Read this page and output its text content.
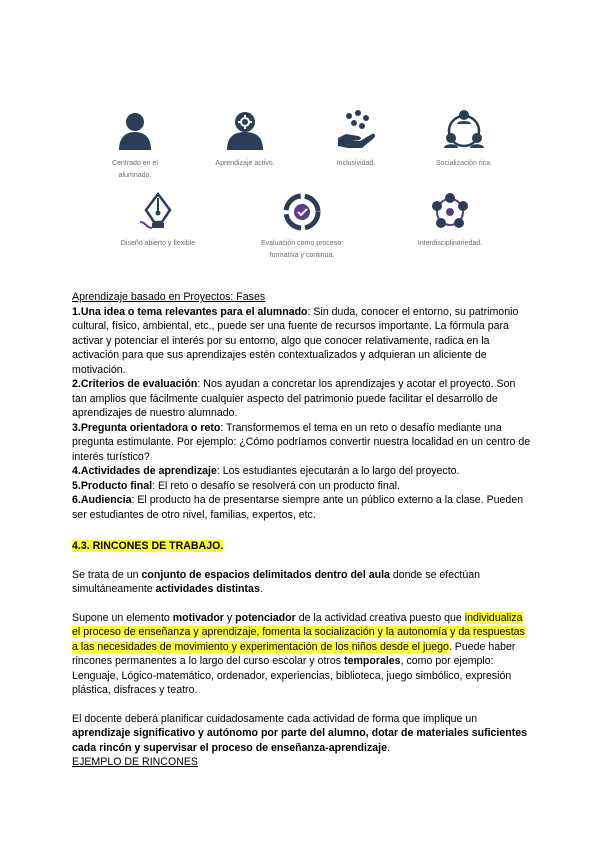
Centrado en el
alumnado.
Aprendizaje activo.	Inclusividad.	Socialización rica.
Diseño abierto y flexible	Evaluación como proceso:
formativa y continua.
Interdisciplinariedad.

Aprendizaje basado en Proyectos: Fases

1.Una idea o tema relevantes para el alumnado: Sin duda, conocer el entorno, su patrimonio cultural, físico, ambiental, etc., puede ser una fuente de recursos importante. La fórmula para activar y potenciar el interés por su entorno, algo que conocer relativamente, radica en la activación para que sus aprendizajes estén contextualizados y adquieran un aliciente de motivación.

2.Criterios de evaluación: Nos ayudan a concretar los aprendizajes y acotar el proyecto. Son tan amplios que fácilmente cualquier aspecto del patrimonio puede facilitar el desarrollo de aprendizajes de nuestro alumnado.

3.Pregunta orientadora o reto: Transformemos el tema en un reto o desafío mediante una pregunta estimulante. Por ejemplo: ¿Cómo podríamos convertir nuestra localidad en un centro de interés turístico?

4.Actividades de aprendizaje: Los estudiantes ejecutarán a lo largo del proyecto.

5.Producto final: El reto o desafío se resolverá con un producto final.

6.Audiencia: El producto ha de presentarse siempre ante un público externo a la clase. Pueden ser estudiantes de otro nivel, familias, expertos, etc.

4.3. RINCONES DE TRABAJO.

Se trata de un conjunto de espacios delimitados dentro del aula donde se efectúan simultáneamente actividades distintas.

Supone un elemento motivador y potenciador de la actividad creativa puesto que individualiza el proceso de enseñanza y aprendizaje, fomenta la socialización y la autonomía y da respuestas a las necesidades de movimiento y experimentación de los niños desde el juego. Puede haber rincones permanentes a lo largo del curso escolar y otros temporales, como por ejemplo: Lenguaje, Lógico-matemático, ordenador, experiencias, biblioteca, juego simbólico, expresión plástica, disfraces y teatro.

El docente deberá planificar cuidadosamente cada actividad de forma que implique un aprendizaje significativo y autónomo por parte del alumno, dotar de materiales suficientes cada rincón y supervisar el proceso de enseñanza-aprendizaje.

EJEMPLO DE RINCONES
